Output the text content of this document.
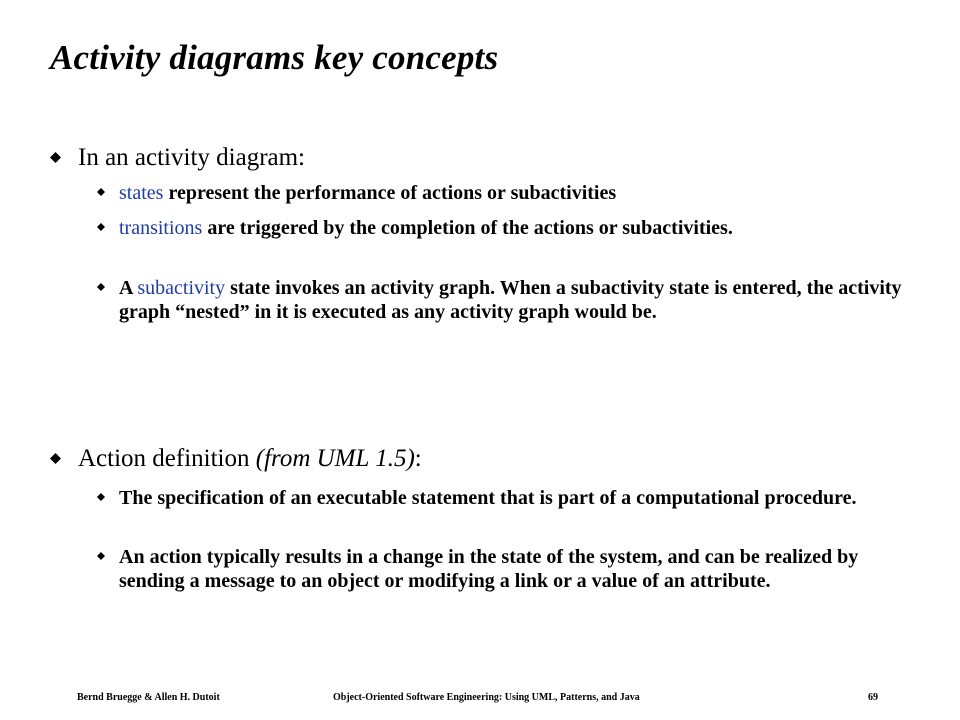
Activity diagrams key concepts
In an activity diagram:
states represent the performance of actions or subactivities
transitions are triggered by the completion of the actions or subactivities.
A subactivity state invokes an activity graph. When a subactivity state is entered, the activity graph “nested” in it is executed as any activity graph would be.
Action definition (from UML 1.5):
The specification of an executable statement that is part of a computational procedure.
An action typically results in a change in the state of the system, and can be realized by sending a message to an object or modifying a link or a value of an attribute.
Bernd Bruegge & Allen H. Dutoit	Object-Oriented Software Engineering: Using UML, Patterns, and Java	69
